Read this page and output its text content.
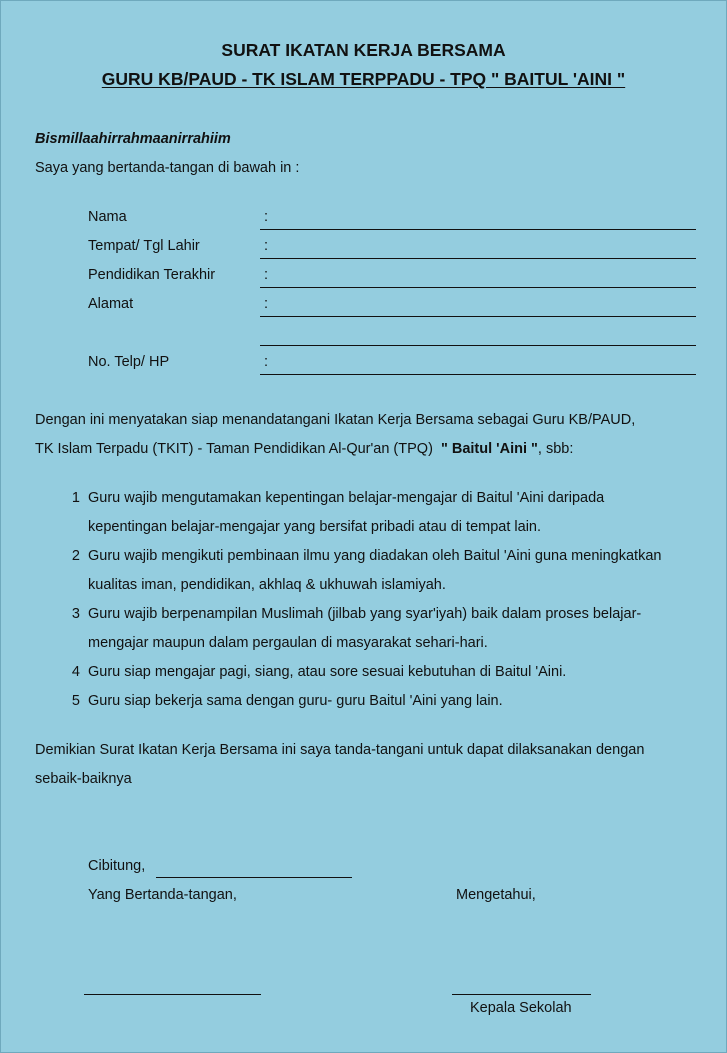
SURAT IKATAN KERJA BERSAMA
GURU KB/PAUD - TK ISLAM TERPPADU - TPQ " BAITUL 'AINI "
Bismillaahirrahmaanirrahiim
Saya yang bertanda-tangan di bawah in :
Nama	:
Tempat/ Tgl Lahir	:
Pendidikan Terakhir	:
Alamat	:
No. Telp/ HP	:
Dengan ini menyatakan siap menandatangani Ikatan Kerja Bersama sebagai Guru KB/PAUD,
TK Islam Terpadu (TKIT) - Taman Pendidikan Al-Qur'an (TPQ)  " Baitul 'Aini ", sbb:
1 Guru wajib mengutamakan kepentingan belajar-mengajar di Baitul 'Aini daripada
kepentingan belajar-mengajar yang bersifat pribadi atau di tempat lain.
2 Guru wajib mengikuti pembinaan ilmu yang diadakan oleh Baitul 'Aini guna meningkatkan
kualitas iman, pendidikan, akhlaq & ukhuwah islamiyah.
3 Guru wajib berpenampilan Muslimah (jilbab yang syar'iyah) baik dalam proses belajar-
mengajar maupun dalam pergaulan di masyarakat sehari-hari.
4 Guru siap mengajar pagi, siang, atau sore sesuai kebutuhan di Baitul 'Aini.
5 Guru siap bekerja sama dengan guru- guru Baitul 'Aini yang lain.
Demikian Surat Ikatan Kerja Bersama ini saya tanda-tangani untuk dapat dilaksanakan dengan
sebaik-baiknya
Cibitung,
Yang Bertanda-tangan,	Mengetahui,
Kepala Sekolah
